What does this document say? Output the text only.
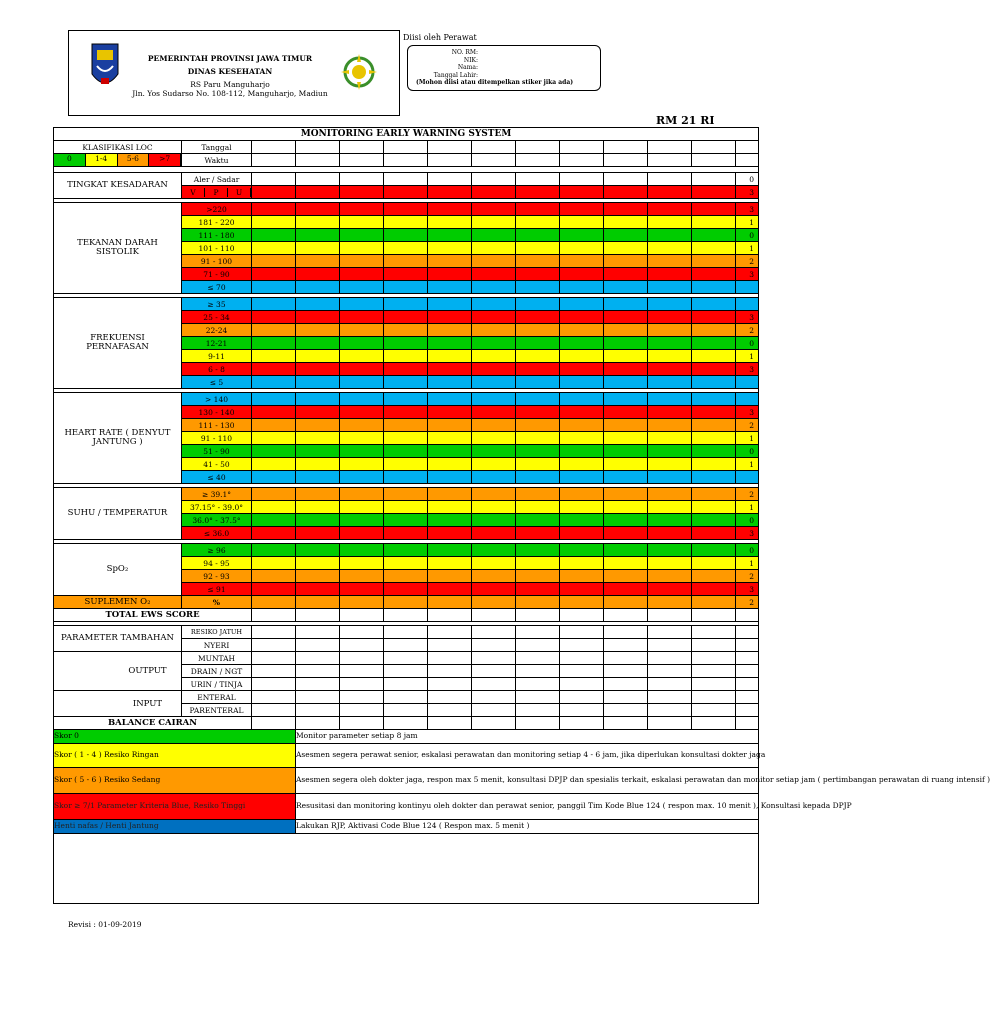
PEMERINTAH PROVINSI JAWA TIMUR
DINAS KESEHATAN
RS Paru Manguharjo
Jln. Yos Sudarso No. 108-112, Manguharjo, Madiun
Diisi oleh Perawat
NO. RM :
NIK :
Nama :
Tanggal Lahir :
(Mohon diisi atau ditempelkan stiker jika ada)
RM 21 RI
MONITORING EARLY WARNING SYSTEM													
KLASIFIKASI LOC	Tanggal												

0 1-4 5-6 >7	Waktu												

TINGKAT KESADARAN	Aler / Sadar												0

	V P U												3

TEKANAN DARAH SISTOLIK	>220												3
	181 - 220												1
	111 - 180												0
	101 - 110												1
	91 - 100												2
	71 - 90												3
	≤ 70												

FREKUENSI PERNAFASAN	≥ 35												
	25 - 34												3
	22-24												2
	12-21												0
	9-11												1
	6 - 8												3
	≤ 5												

HEART RATE ( DENYUT JANTUNG )	> 140												
	130 - 140												3
	111 - 130												2
	91 - 110												1
	51 - 90												0
	41 - 50												1
	≤ 40												

SUHU / TEMPERATUR	≥ 39.1°												2
	37.15° - 39.0°												1
	36.0° - 37.5°												0
	≤ 36.0												3

SpO₂	≥ 96												0
	94 - 95												1
	92 - 93												2
	≤ 91												3
SUPLEMEN O₂	%												2
TOTAL EWS SCORE													

PARAMETER TAMBAHAN	RESIKO JATUH												
	NYERI												
OUTPUT	MUNTAH												
	DRAIN / NGT												
	URIN / TINJA												
INPUT	ENTERAL												
	PARENTERAL												
BALANCE CAIRAN													
Skor 0			Monitor parameter setiap 8 jam										
Skor ( 1 - 4 ) Resiko Ringan			Asesmen segera perawat senior, eskalasi perawatan dan monitoring setiap 4 - 6 jam, jika diperlukan konsultasi dokter jaga										
Skor ( 5 - 6 ) Resiko Sedang			Asesmen segera oleh dokter jaga, respon max 5 menit, konsultasi DPJP dan spesialis terkait, eskalasi perawatan dan monitor setiap jam ( pertimbangan perawatan di ruang intensif )										
Skor ≥ 7/1 Parameter Kriteria Blue, Resiko Tinggi			Resusitasi dan monitoring kontinyu oleh dokter dan perawat senior, panggil Tim Kode Blue 124 ( respon max. 10 menit ), Konsultasi kepada DPJP										
Henti nafas / Henti Jantung			Lakukan RJP, Aktivasi Code Blue 124 ( Respon max. 5 menit )										

Revisi : 01-09-2019
